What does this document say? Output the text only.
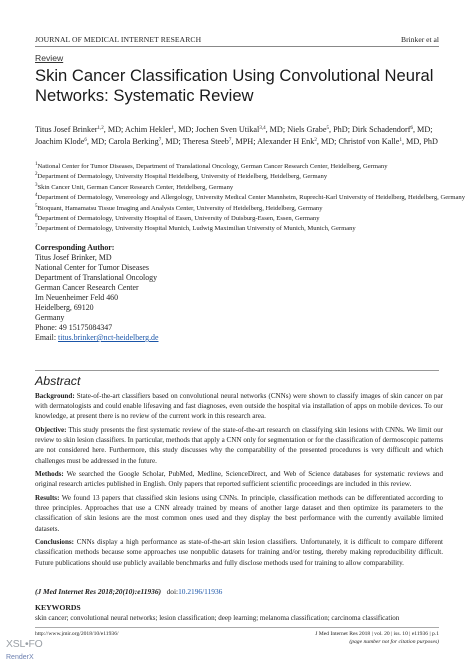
JOURNAL OF MEDICAL INTERNET RESEARCH	Brinker et al
Review
Skin Cancer Classification Using Convolutional Neural Networks: Systematic Review
Titus Josef Brinker$^{1,2}$, MD; Achim Hekler$^1$, MD; Jochen Sven Utikal$^{3,4}$, MD; Niels Grabe$^5$, PhD; Dirk Schadendorf$^6$, MD; Joachim Klode$^6$, MD; Carola Berking$^7$, MD; Theresa Steeb$^7$, MPH; Alexander H Enk$^2$, MD; Christof von Kalle$^1$, MD, PhD
$^1$National Center for Tumor Diseases, Department of Translational Oncology, German Cancer Research Center, Heidelberg, Germany
$^2$Department of Dermatology, University Hospital Heidelberg, University of Heidelberg, Heidelberg, Germany
$^3$Skin Cancer Unit, German Cancer Research Center, Heidelberg, Germany
$^4$Department of Dermatology, Venereology and Allergology, University Medical Center Mannheim, Ruprecht-Karl University of Heidelberg, Heidelberg, Germany
$^5$Bioquant, Hamamatsu Tissue Imaging and Analysis Center, University of Heidelberg, Heidelberg, Germany
$^6$Department of Dermatology, University Hospital of Essen, University of Duisburg-Essen, Essen, Germany
$^7$Department of Dermatology, University Hospital Munich, Ludwig Maximilian University of Munich, Munich, Germany
Corresponding Author:
Titus Josef Brinker, MD
National Center for Tumor Diseases
Department of Translational Oncology
German Cancer Research Center
Im Neuenheimer Feld 460
Heidelberg, 69120
Germany
Phone: 49 15175084347
Email: titus.brinker@nct-heidelberg.de
Abstract

Background: State-of-the-art classifiers based on convolutional neural networks (CNNs) were shown to classify images of skin cancer on par with dermatologists and could enable lifesaving and fast diagnoses, even outside the hospital via installation of apps on mobile devices. To our knowledge, at present there is no review of the current work in this research area.

Objective: This study presents the first systematic review of the state-of-the-art research on classifying skin lesions with CNNs. We limit our review to skin lesion classifiers. In particular, methods that apply a CNN only for segmentation or for the classification of dermoscopic patterns are not considered here. Furthermore, this study discusses why the comparability of the presented procedures is very difficult and which challenges must be addressed in the future.

Methods: We searched the Google Scholar, PubMed, Medline, ScienceDirect, and Web of Science databases for systematic reviews and original research articles published in English. Only papers that reported sufficient scientific proceedings are included in this review.

Results: We found 13 papers that classified skin lesions using CNNs. In principle, classification methods can be differentiated according to three principles. Approaches that use a CNN already trained by means of another large dataset and then optimize its parameters to the classification of skin lesions are the most common ones used and they display the best performance with the currently available limited datasets.

Conclusions: CNNs display a high performance as state-of-the-art skin lesion classifiers. Unfortunately, it is difficult to compare different classification methods because some approaches use nonpublic datasets for training and/or testing, thereby making reproducibility difficult. Future publications should use publicly available benchmarks and fully disclose methods used for training to allow comparability.

(J Med Internet Res 2018;20(10):e11936) doi:10.2196/11936
KEYWORDS
skin cancer; convolutional neural networks; lesion classification; deep learning; melanoma classification; carcinoma classification
http://www.jmir.org/2018/10/e11936/	J Med Internet Res 2018 | vol. 20 | iss. 10 | e11936 | p.1
(page number not for citation purposes)
XSL•FO
RenderX
